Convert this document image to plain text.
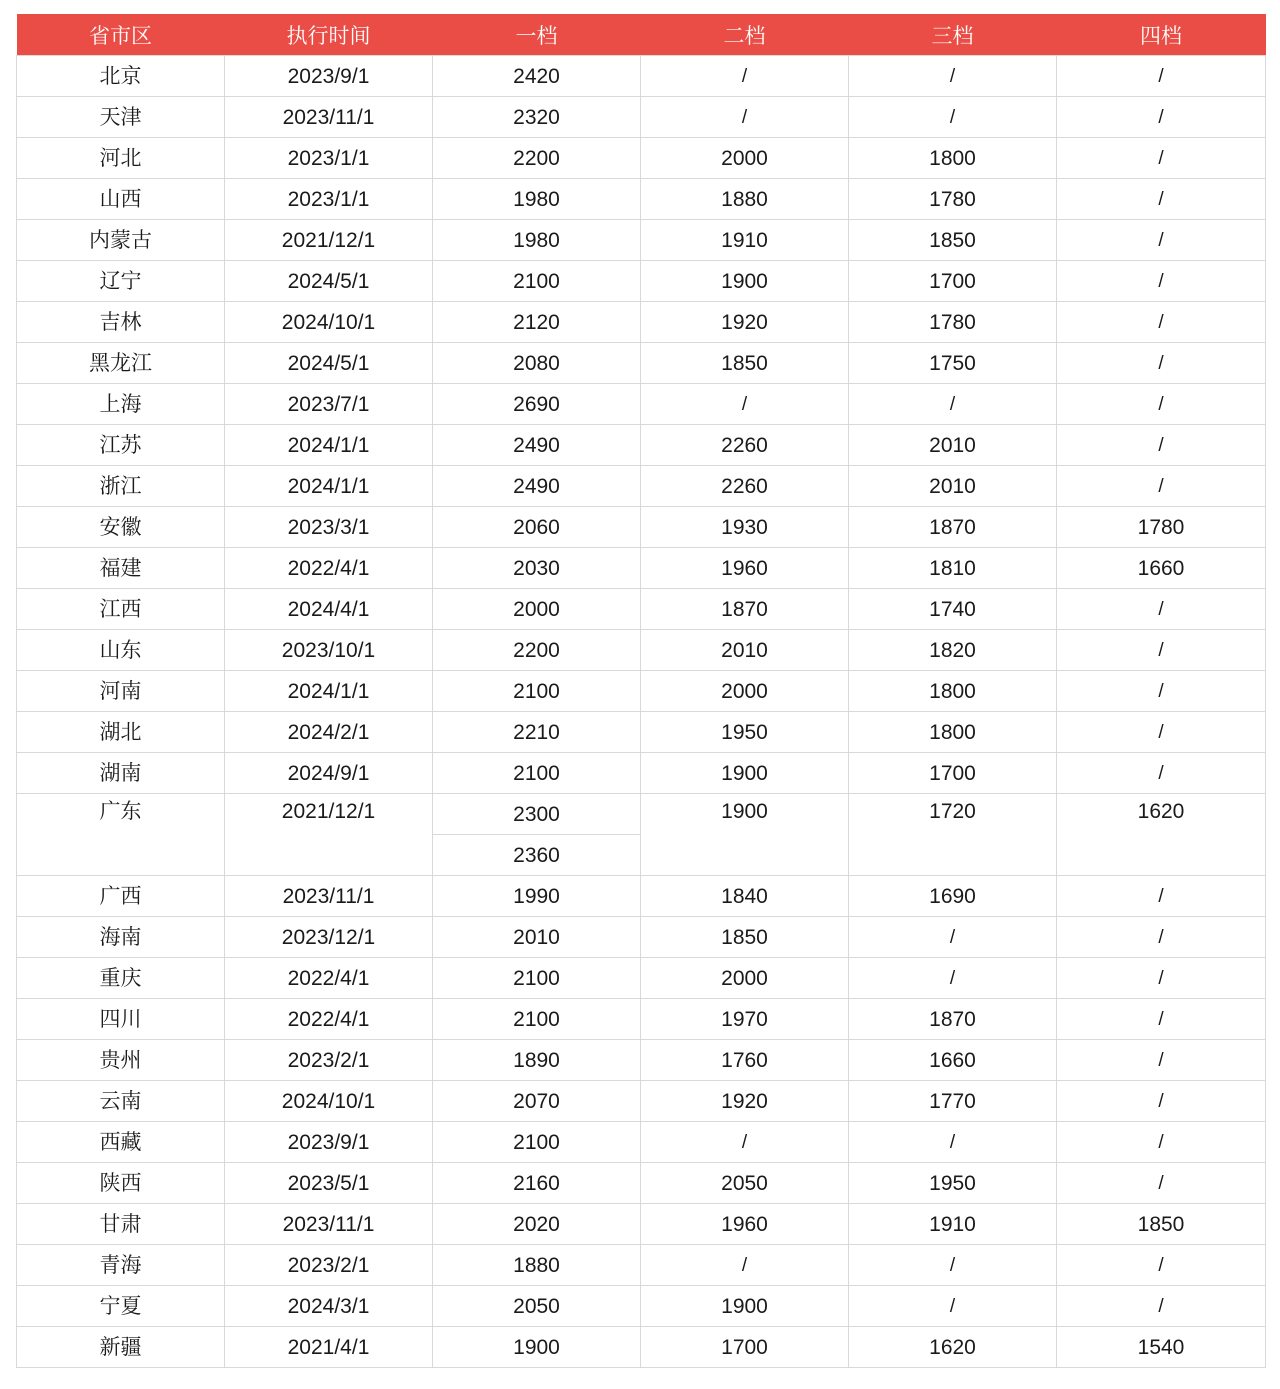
省市区	执行时间	一档	二档	三档	四档
北京	2023/9/1	2420	/	/	/
天津	2023/11/1	2320	/	/	/
河北	2023/1/1	2200	2000	1800	/
山西	2023/1/1	1980	1880	1780	/
内蒙古	2021/12/1	1980	1910	1850	/
辽宁	2024/5/1	2100	1900	1700	/
吉林	2024/10/1	2120	1920	1780	/
黑龙江	2024/5/1	2080	1850	1750	/
上海	2023/7/1	2690	/	/	/
江苏	2024/1/1	2490	2260	2010	/
浙江	2024/1/1	2490	2260	2010	/
安徽	2023/3/1	2060	1930	1870	1780
福建	2022/4/1	2030	1960	1810	1660
江西	2024/4/1	2000	1870	1740	/
山东	2023/10/1	2200	2010	1820	/
河南	2024/1/1	2100	2000	1800	/
湖北	2024/2/1	2210	1950	1800	/
湖南	2024/9/1	2100	1900	1700	/
广东	2021/12/1	2300	1900	1720	1620
		2360			
广西	2023/11/1	1990	1840	1690	/
海南	2023/12/1	2010	1850	/	/
重庆	2022/4/1	2100	2000	/	/
四川	2022/4/1	2100	1970	1870	/
贵州	2023/2/1	1890	1760	1660	/
云南	2024/10/1	2070	1920	1770	/
西藏	2023/9/1	2100	/	/	/
陕西	2023/5/1	2160	2050	1950	/
甘肃	2023/11/1	2020	1960	1910	1850
青海	2023/2/1	1880	/	/	/
宁夏	2024/3/1	2050	1900	/	/
新疆	2021/4/1	1900	1700	1620	1540
